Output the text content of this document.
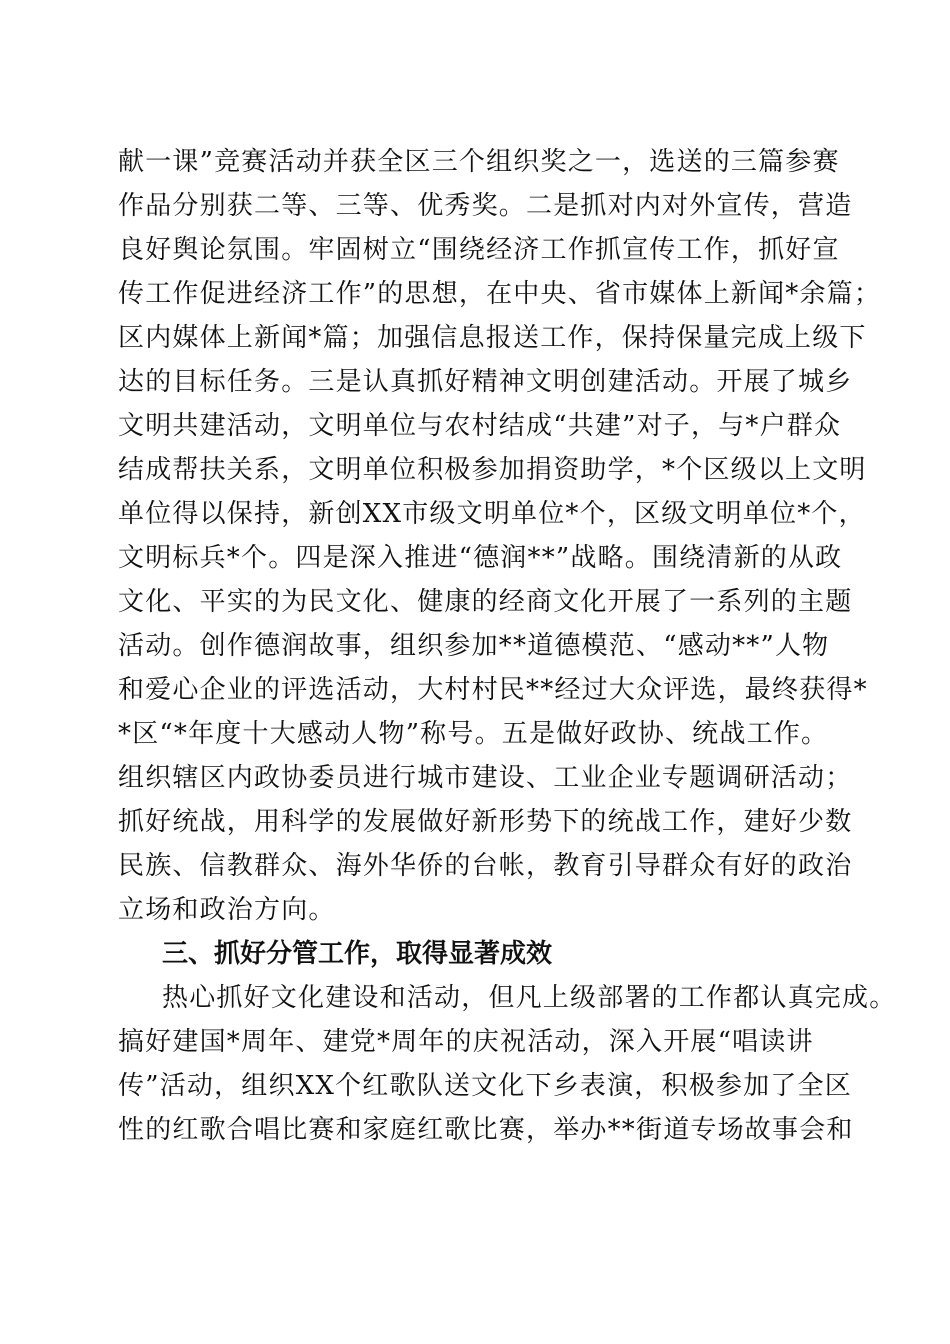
献一课”竞赛活动并获全区三个组织奖之一，选送的三篇参赛
作品分别获二等、三等、优秀奖。二是抓对内对外宣传，营造
良好舆论氛围。牢固树立“围绕经济工作抓宣传工作，抓好宣
传工作促进经济工作”的思想，在中央、省市媒体上新闻*余篇；
区内媒体上新闻*篇；加强信息报送工作，保持保量完成上级下
达的目标任务。三是认真抓好精神文明创建活动。开展了城乡
文明共建活动，文明单位与农村结成“共建”对子，与*户群众
结成帮扶关系，文明单位积极参加捐资助学，*个区级以上文明
单位得以保持，新创XX市级文明单位*个，区级文明单位*个，
文明标兵*个。四是深入推进“德润**”战略。围绕清新的从政
文化、平实的为民文化、健康的经商文化开展了一系列的主题
活动。创作德润故事，组织参加**道德模范、“感动**”人物
和爱心企业的评选活动，大村村民**经过大众评选，最终获得*
*区“*年度十大感动人物”称号。五是做好政协、统战工作。
组织辖区内政协委员进行城市建设、工业企业专题调研活动；
抓好统战，用科学的发展做好新形势下的统战工作，建好少数
民族、信教群众、海外华侨的台帐，教育引导群众有好的政治
立场和政治方向。
三、抓好分管工作，取得显著成效
热心抓好文化建设和活动，但凡上级部署的工作都认真完成。
搞好建国*周年、建党*周年的庆祝活动，深入开展“唱读讲
传”活动，组织XX个红歌队送文化下乡表演，积极参加了全区
性的红歌合唱比赛和家庭红歌比赛，举办**街道专场故事会和
